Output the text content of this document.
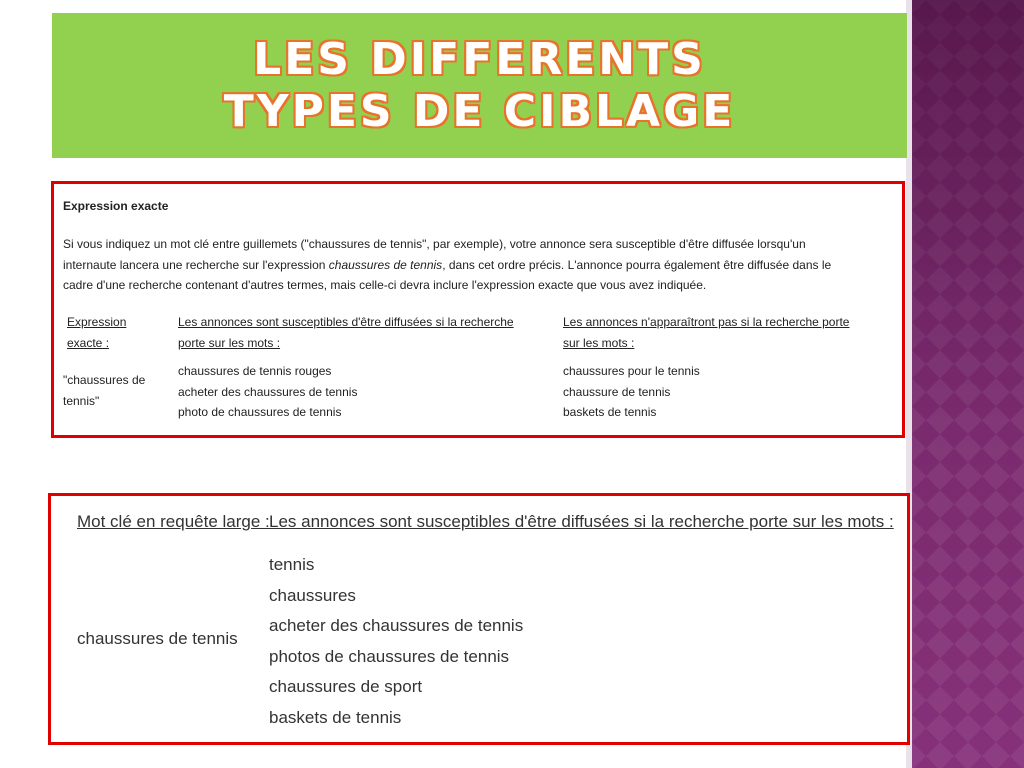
LES DIFFERENTS TYPES DE CIBLAGE
Expression exacte
Si vous indiquez un mot clé entre guillemets ("chaussures de tennis", par exemple), votre annonce sera susceptible d'être diffusée lorsqu'un
internaute lancera une recherche sur l'expression chaussures de tennis, dans cet ordre précis. L'annonce pourra également être diffusée dans le
cadre d'une recherche contenant d'autres termes, mais celle-ci devra inclure l'expression exacte que vous avez indiquée.
Expression
exacte :
Les annonces sont susceptibles d'être diffusées si la recherche
porte sur les mots :
Les annonces n'apparaîtront pas si la recherche porte
sur les mots :
"chaussures de
tennis"
chaussures de tennis rouges
acheter des chaussures de tennis
photo de chaussures de tennis
chaussures pour le tennis
chaussure de tennis
baskets de tennis
Mot clé en requête large : Les annonces sont susceptibles d'être diffusées si la recherche porte sur les mots :
chaussures de tennis
tennis
chaussures
acheter des chaussures de tennis
photos de chaussures de tennis
chaussures de sport
baskets de tennis
